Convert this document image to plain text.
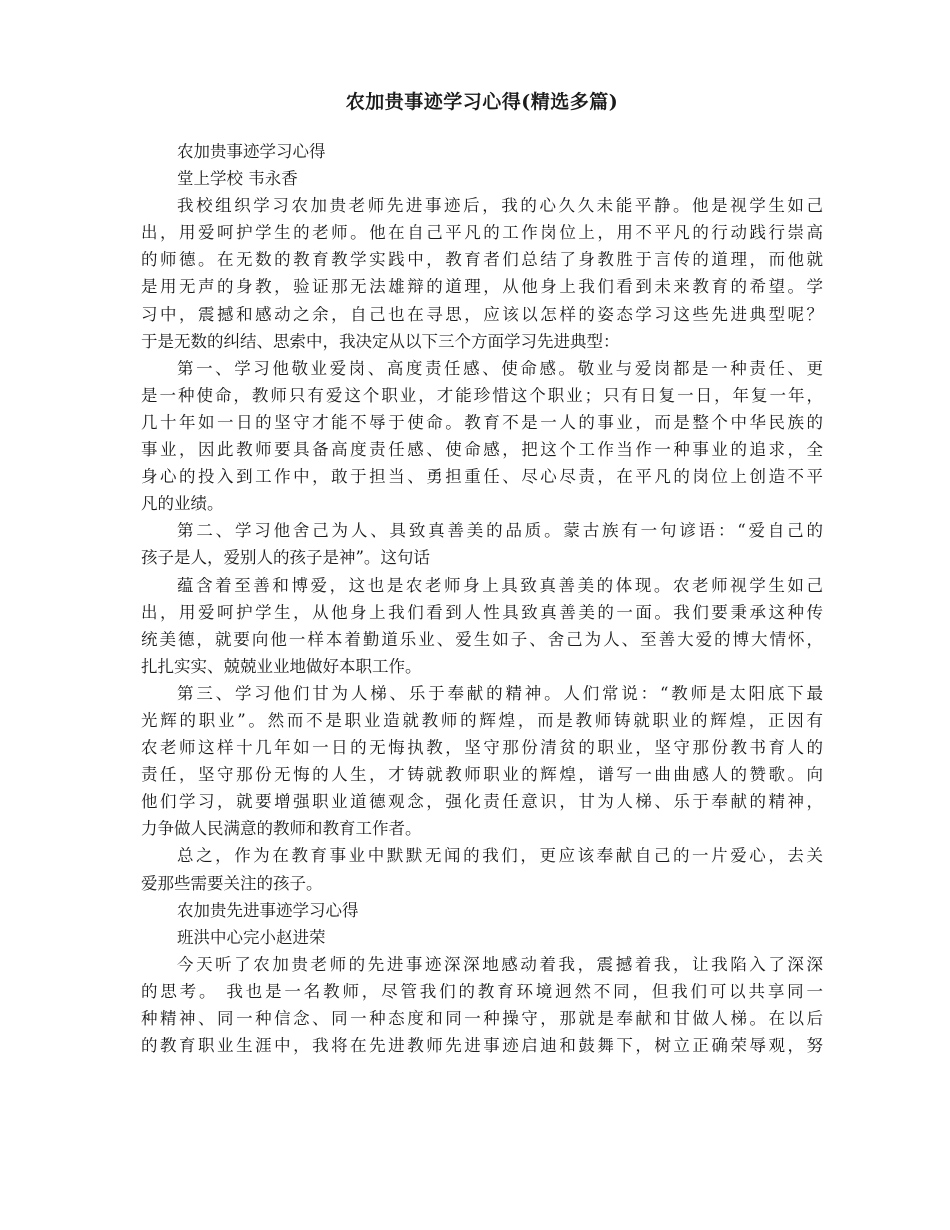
农加贵事迹学习心得(精选多篇)

农加贵事迹学习心得

堂上学校 韦永香

我校组织学习农加贵老师先进事迹后，我的心久久未能平静。他是视学生如己

出，用爱呵护学生的老师。他在自己平凡的工作岗位上，用不平凡的行动践行崇高

的师德。在无数的教育教学实践中，教育者们总结了身教胜于言传的道理，而他就

是用无声的身教，验证那无法雄辩的道理，从他身上我们看到未来教育的希望。学

习中，震撼和感动之余，自己也在寻思，应该以怎样的姿态学习这些先进典型呢？

于是无数的纠结、思索中，我决定从以下三个方面学习先进典型：

第一、学习他敬业爱岗、高度责任感、使命感。敬业与爱岗都是一种责任、更

是一种使命，教师只有爱这个职业，才能珍惜这个职业；只有日复一日，年复一年，

几十年如一日的坚守才能不辱于使命。教育不是一人的事业，而是整个中华民族的

事业，因此教师要具备高度责任感、使命感，把这个工作当作一种事业的追求，全

身心的投入到工作中，敢于担当、勇担重任、尽心尽责，在平凡的岗位上创造不平

凡的业绩。

第二、学习他舍己为人、具致真善美的品质。蒙古族有一句谚语：“爱自己的

孩子是人，爱别人的孩子是神”。这句话

蕴含着至善和博爱，这也是农老师身上具致真善美的体现。农老师视学生如己

出，用爱呵护学生，从他身上我们看到人性具致真善美的一面。我们要秉承这种传

统美德，就要向他一样本着勤道乐业、爱生如子、舍己为人、至善大爱的博大情怀，

扎扎实实、兢兢业业地做好本职工作。

第三、学习他们甘为人梯、乐于奉献的精神。人们常说：“教师是太阳底下最

光辉的职业”。然而不是职业造就教师的辉煌，而是教师铸就职业的辉煌，正因有

农老师这样十几年如一日的无悔执教，坚守那份清贫的职业，坚守那份教书育人的

责任，坚守那份无悔的人生，才铸就教师职业的辉煌，谱写一曲曲感人的赞歌。向

他们学习，就要增强职业道德观念，强化责任意识，甘为人梯、乐于奉献的精神，

力争做人民满意的教师和教育工作者。

总之，作为在教育事业中默默无闻的我们，更应该奉献自己的一片爱心，去关

爱那些需要关注的孩子。

农加贵先进事迹学习心得

班洪中心完小赵进荣

今天听了农加贵老师的先进事迹深深地感动着我，震撼着我，让我陷入了深深

的思考。 我也是一名教师，尽管我们的教育环境迥然不同，但我们可以共享同一

种精神、同一种信念、同一种态度和同一种操守，那就是奉献和甘做人梯。在以后

的教育职业生涯中，我将在先进教师先进事迹启迪和鼓舞下，树立正确荣辱观，努
